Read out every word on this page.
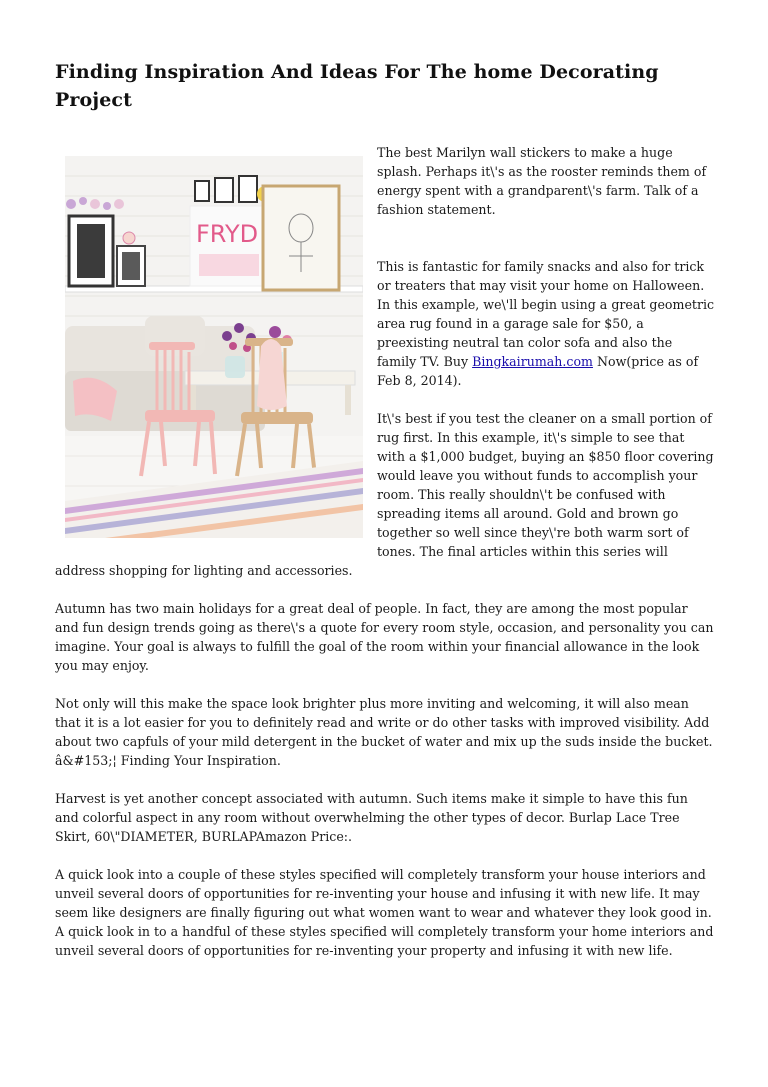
Finding Inspiration And Ideas For The home Decorating Project
FRYD

The best Marilyn wall stickers to make a huge splash. Perhaps it\'s as the rooster reminds them of energy spent with a grandparent\'s farm. Talk of a fashion statement.

This is fantastic for family snacks and also for trick or treaters that may visit your home on Halloween. In this example, we\'ll begin using a great geometric area rug found in a garage sale for $50, a preexisting neutral tan color sofa and also the family TV. Buy Bingkairumah.com Now(price as of Feb 8, 2014).

It\'s best if you test the cleaner on a small portion of rug first. In this example, it\'s simple to see that with a $1,000 budget, buying an $850 floor covering would leave you without funds to accomplish your room. This really shouldn\'t be confused with spreading items all around. Gold and brown go together so well since they\'re both warm sort of tones. The final articles within this series will address shopping for lighting and accessories.

Autumn has two main holidays for a great deal of people. In fact, they are among the most popular and fun design trends going as there\'s a quote for every room style, occasion, and personality you can imagine. Your goal is always to fulfill the goal of the room within your financial allowance in the look you may enjoy.

Not only will this make the space look brighter plus more inviting and welcoming, it will also mean that it is a lot easier for you to definitely read and write or do other tasks with improved visibility. Add about two capfuls of your mild detergent in the bucket of water and mix up the suds inside the bucket. â&#153;¦ Finding Your Inspiration.

Harvest is yet another concept associated with autumn. Such items make it simple to have this fun and colorful aspect in any room without overwhelming the other types of decor. Burlap Lace Tree Skirt, 60\"DIAMETER, BURLAPAmazon Price:.

A quick look into a couple of these styles specified will completely transform your house interiors and unveil several doors of opportunities for re-inventing your house and infusing it with new life. It may seem like designers are finally figuring out what women want to wear and whatever they look good in. A quick look in to a handful of these styles specified will completely transform your home interiors and unveil several doors of opportunities for re-inventing your property and infusing it with new life.
